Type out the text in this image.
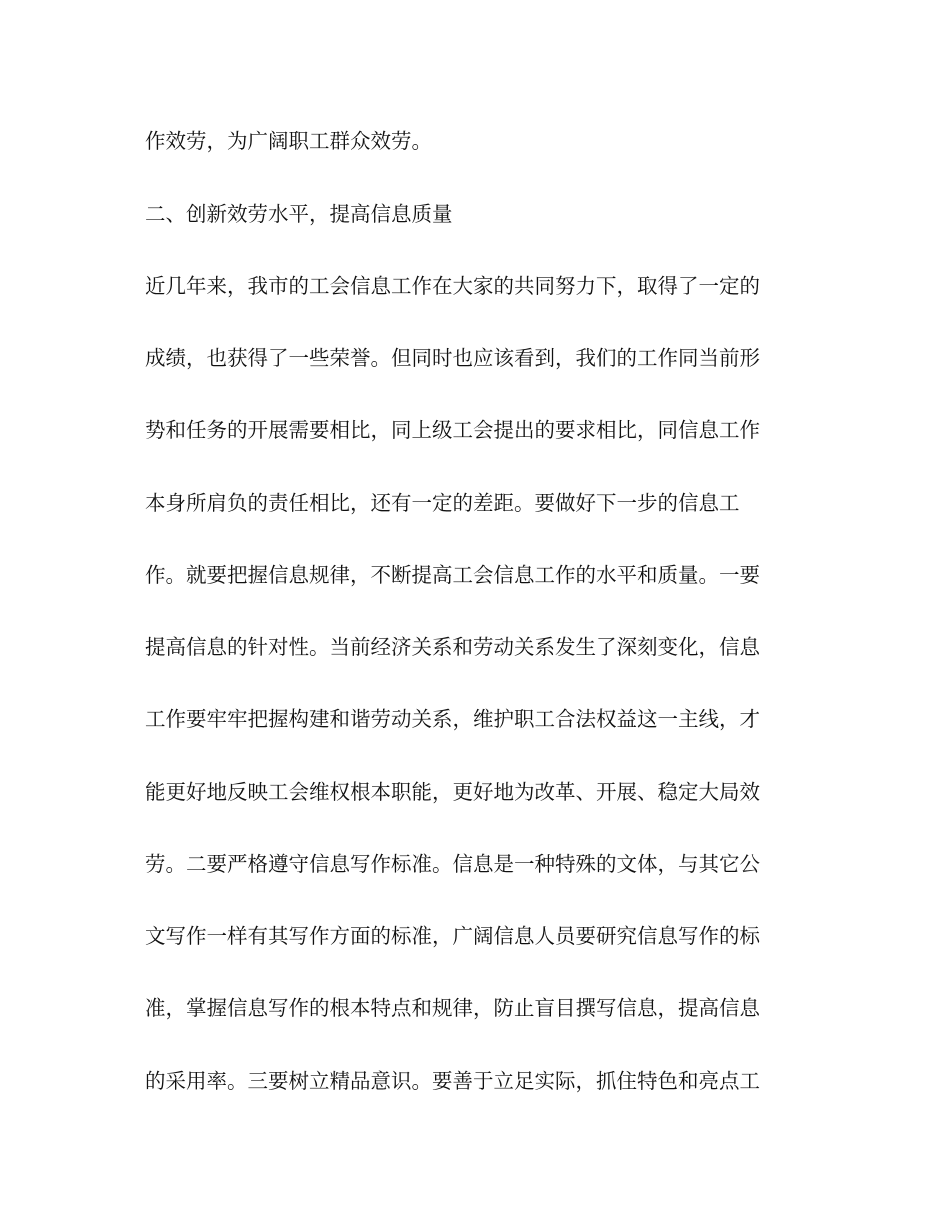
作效劳，为广阔职工群众效劳。
二、创新效劳水平，提高信息质量
近几年来，我市的工会信息工作在大家的共同努力下，取得了一定的
成绩，也获得了一些荣誉。但同时也应该看到，我们的工作同当前形
势和任务的开展需要相比，同上级工会提出的要求相比，同信息工作
本身所肩负的责任相比，还有一定的差距。要做好下一步的信息工
作。就要把握信息规律，不断提高工会信息工作的水平和质量。一要
提高信息的针对性。当前经济关系和劳动关系发生了深刻变化，信息
工作要牢牢把握构建和谐劳动关系，维护职工合法权益这一主线，才
能更好地反映工会维权根本职能，更好地为改革、开展、稳定大局效
劳。二要严格遵守信息写作标准。信息是一种特殊的文体，与其它公
文写作一样有其写作方面的标准，广阔信息人员要研究信息写作的标
准，掌握信息写作的根本特点和规律，防止盲目撰写信息，提高信息
的采用率。三要树立精品意识。要善于立足实际，抓住特色和亮点工
